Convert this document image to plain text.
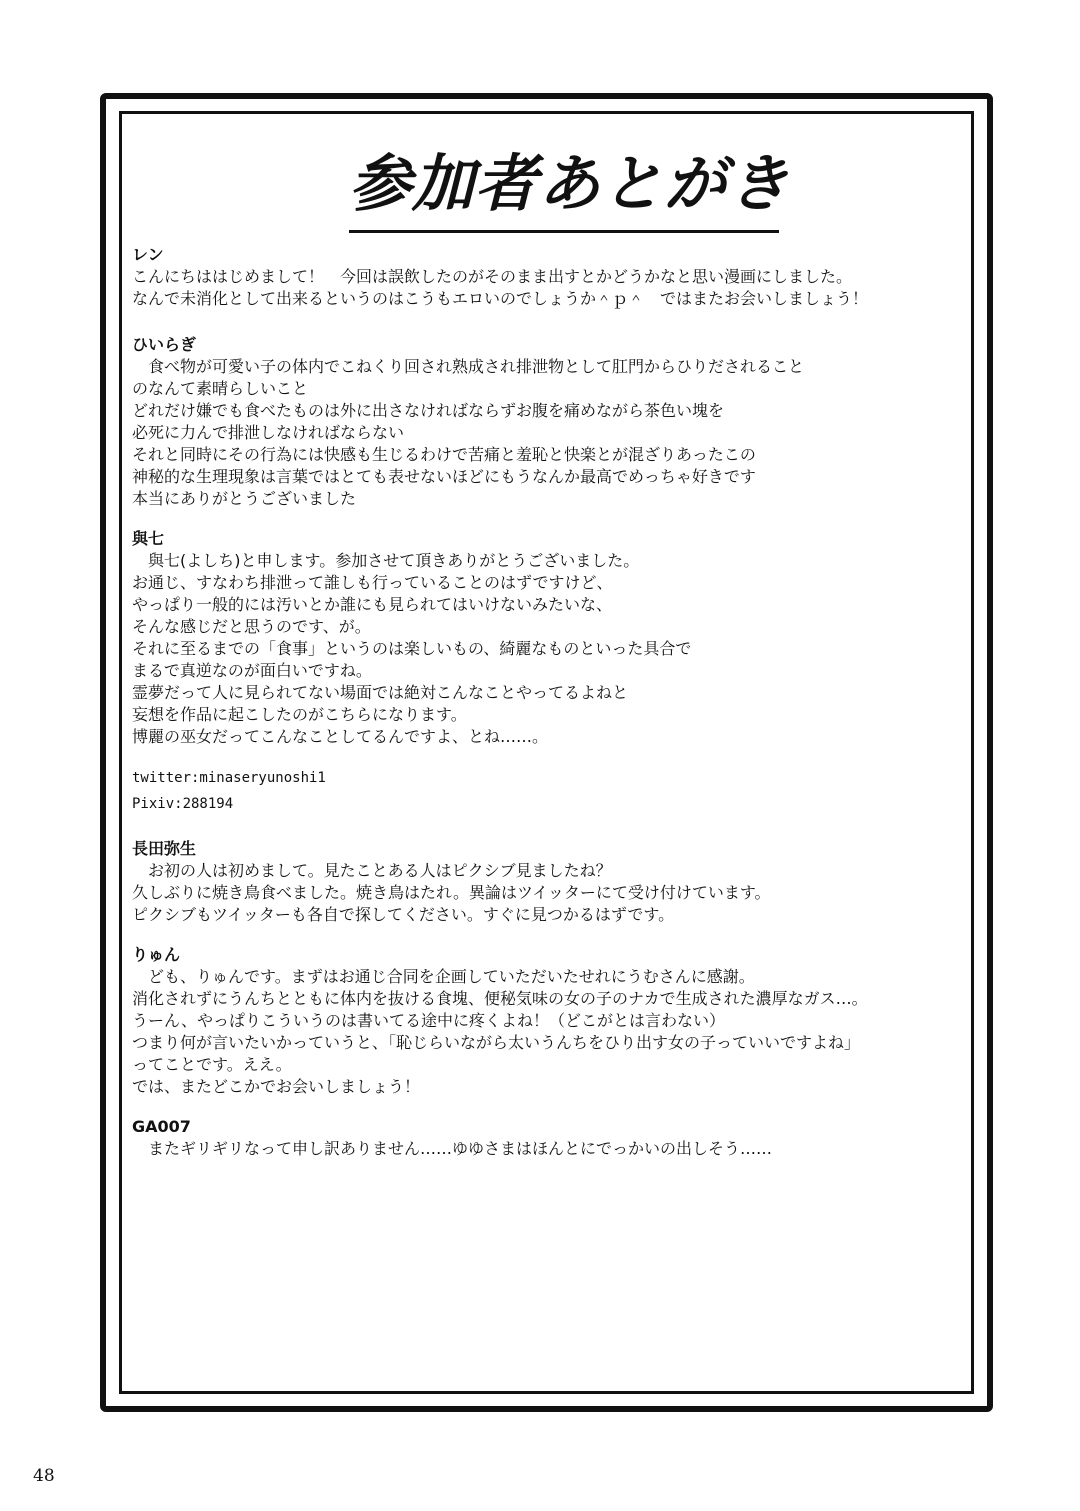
参加者あとがき
レン
こんにちははじめまして！　今回は誤飲したのがそのまま出すとかどうかなと思い漫画にしました。
なんで未消化として出来るというのはこうもエロいのでしょうか＾ｐ＾　ではまたお会いしましょう！
ひいらぎ
　食べ物が可愛い子の体内でこねくり回され熟成され排泄物として肛門からひりだされること
のなんて素晴らしいこと
どれだけ嫌でも食べたものは外に出さなければならずお腹を痛めながら茶色い塊を
必死に力んで排泄しなければならない
それと同時にその行為には快感も生じるわけで苦痛と羞恥と快楽とが混ざりあったこの
神秘的な生理現象は言葉ではとても表せないほどにもうなんか最高でめっちゃ好きです
本当にありがとうございました
與七
　與七(よしち)と申します。参加させて頂きありがとうございました。
お通じ、すなわち排泄って誰しも行っていることのはずですけど、
やっぱり一般的には汚いとか誰にも見られてはいけないみたいな、
そんな感じだと思うのです、が。
それに至るまでの「食事」というのは楽しいもの、綺麗なものといった具合で
まるで真逆なのが面白いですね。
霊夢だって人に見られてない場面では絶対こんなことやってるよねと
妄想を作品に起こしたのがこちらになります。
博麗の巫女だってこんなことしてるんですよ、とね……。
twitter:minaseryunoshi1
Pixiv:288194
長田弥生
　お初の人は初めまして。見たことある人はピクシブ見ましたね？
久しぶりに焼き鳥食べました。焼き鳥はたれ。異論はツイッターにて受け付けています。
ピクシブもツイッターも各自で探してください。すぐに見つかるはずです。
りゅん
　ども、りゅんです。まずはお通じ合同を企画していただいたせれにうむさんに感謝。
消化されずにうんちとともに体内を抜ける食塊、便秘気味の女の子のナカで生成された濃厚なガス…。
うーん、やっぱりこういうのは書いてる途中に疼くよね！（どこがとは言わない）
つまり何が言いたいかっていうと、「恥じらいながら太いうんちをひり出す女の子っていいですよね」
ってことです。ええ。
では、またどこかでお会いしましょう！
GA007
　またギリギリなって申し訳ありません……ゆゆさまはほんとにでっかいの出しそう……
48
